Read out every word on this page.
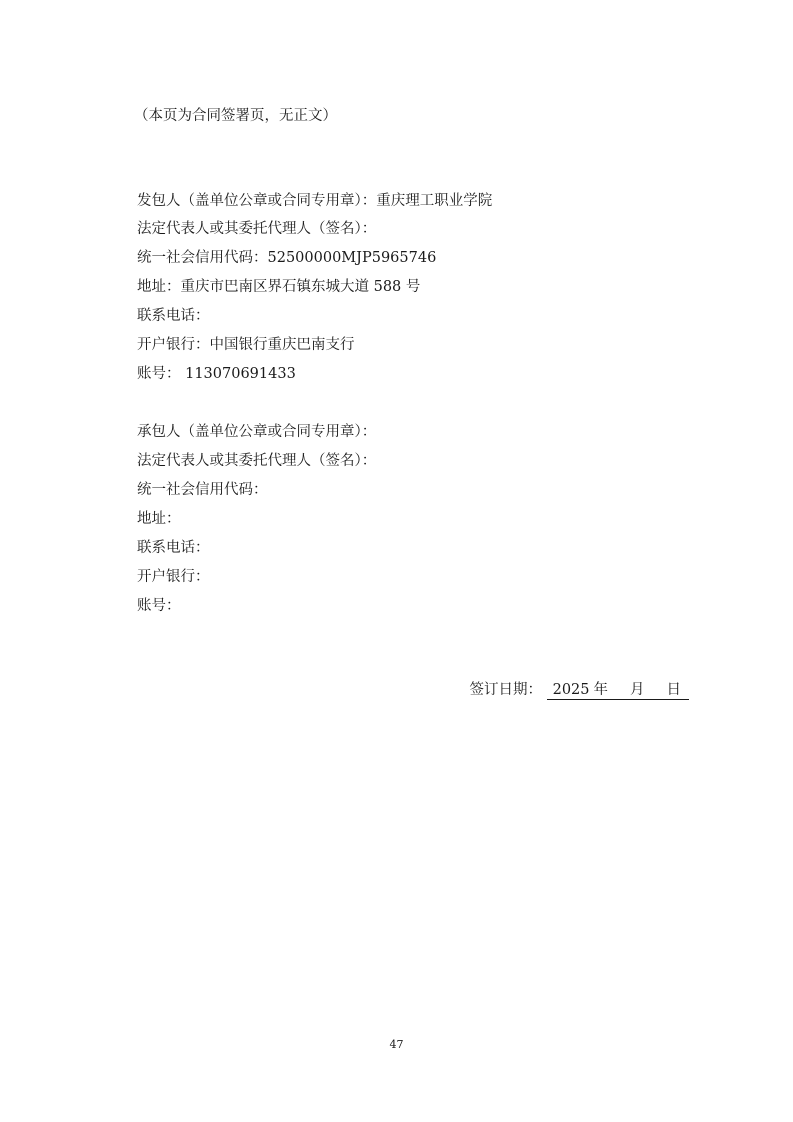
（本页为合同签署页，无正文）
发包人（盖单位公章或合同专用章）：重庆理工职业学院
法定代表人或其委托代理人（签名）：
统一社会信用代码：52500000MJP5965746
地址：重庆市巴南区界石镇东城大道 588 号
联系电话：
开户银行：中国银行重庆巴南支行
账号： 113070691433
承包人（盖单位公章或合同专用章）：
法定代表人或其委托代理人（签名）：
统一社会信用代码：
地址：
联系电话：
开户银行：
账号：
签订日期： 2025 年 月 日
47
